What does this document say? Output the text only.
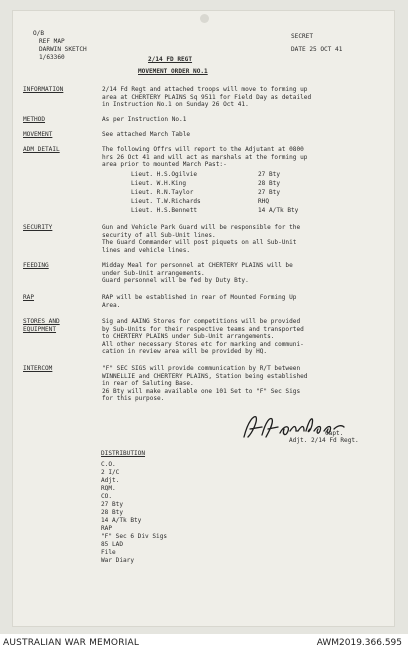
O/B
REF MAP
DARWIN SKETCH
1/63360
SECRET
DATE 25 OCT 41
2/14 FD REGT
MOVEMENT ORDER NO.1
INFORMATION	2/14 Fd Regt and attached troops will move to forming up
area at CHERTERY PLAINS Sq 9511 for Field Day as detailed
in Instruction No.1 on Sunday 26 Oct 41.
METHOD	As per Instruction No.1
MOVEMENT	See attached March Table
ADM DETAIL	The following Offrs will report to the Adjutant at 0800
hrs 26 Oct 41 and will act as marshals at the forming up
area prior to mounted March Past:-
Lieut. H.S.Ogilvie	27 Bty
Lieut. W.H.King	28 Bty
Lieut. R.N.Taylor	27 Bty
Lieut. T.W.Richards	RHQ
Lieut. H.S.Bennett	14 A/Tk Bty
SECURITY	Gun and Vehicle Park Guard will be responsible for the
security of all Sub-Unit lines.
The Guard Commander will post piquets on all Sub-Unit
lines and vehicle lines.
FEEDING	Midday Meal for personnel at CHERTERY PLAINS will be
under Sub-Unit arrangements.
Guard personnel will be fed by Duty Bty.
RAP	RAP will be established in rear of Mounted Forming Up
Area.
STORES AND
EQUIPMENT
Sig and AAING Stores for competitions will be provided
by Sub-Units for their respective teams and transported
to CHERTERY PLAINS under Sub-Unit arrangements.
All other necessary Stores etc for marking and communi-
cation in review area will be provided by HQ.
INTERCOM	"F" SEC SIGS will provide communication by R/T between
WINNELLIE and CHERTERY PLAINS, Station being established
in rear of Saluting Base.
26 Bty will make available one 101 Set to "F" Sec Sigs
for this purpose.
Capt.
Adjt. 2/14 Fd Regt.
DISTRIBUTION
C.O.
2 I/C
Adjt.
RQM.
CO.
27 Bty
28 Bty
14 A/Tk Bty
RAP
"F" Sec 6 Div Sigs
85 LAD
File
War Diary
AUSTRALIAN WAR MEMORIAL	AWM2019.366.595
